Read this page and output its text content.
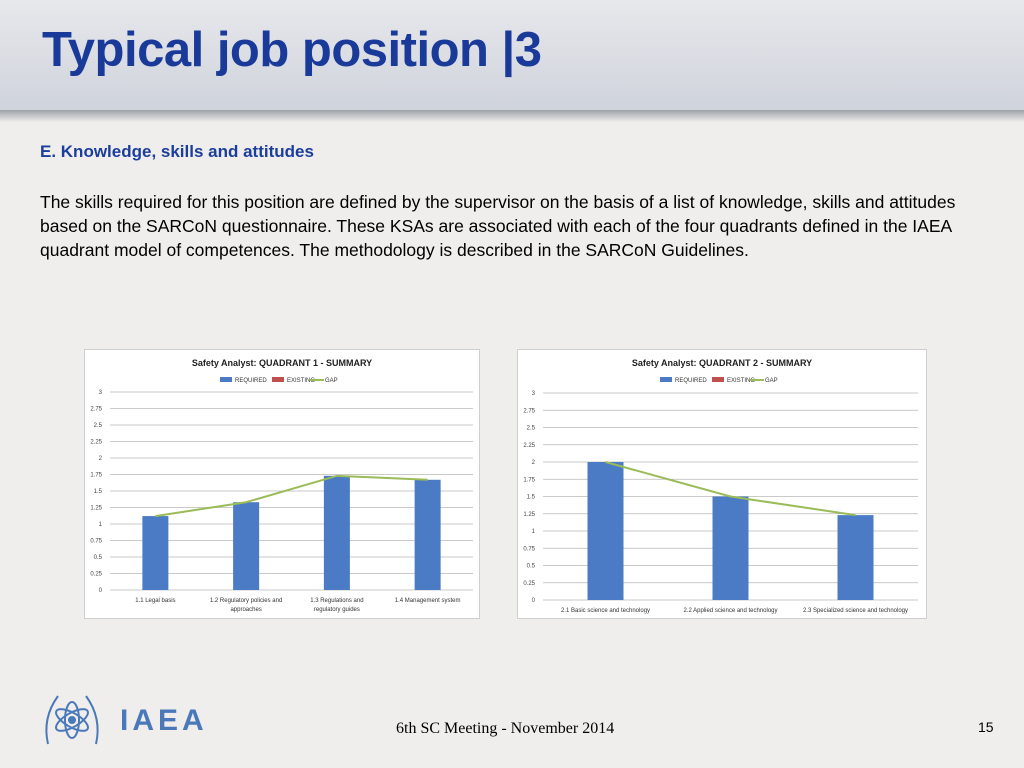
Typical job position |3
E. Knowledge, skills and attitudes

The skills required for this position are defined by the supervisor on the basis of a list of knowledge, skills and attitudes based on the SARCoN questionnaire. These KSAs are associated with each of the four quadrants defined in the IAEA quadrant model of competences. The methodology is described in the SARCoN Guidelines.

Safety Analyst: QUADRANT 1 - SUMMARY
REQUIRED	EXISTING GAP
3
2.75
2.5
2.25
2
1.75
1.5
1.25
1
0.75
0.5
0.25
0
1.1 Legal basis	1.2 Regulatory policies and
approaches
1.3 Regulations and
regulatory guides
1.4 Management system
Safety Analyst: QUADRANT 2 - SUMMARY
REQUIRED	EXISTING GAP
3
2.75
2.5
2.25
2
1.75
1.5
1.25
1
0.75
0.5
0.25
0
2.1 Basic science and technology	2.2 Applied science and technology	2.3 Specialized science and technology
IAEA	6th SC Meeting - November 2014	15
